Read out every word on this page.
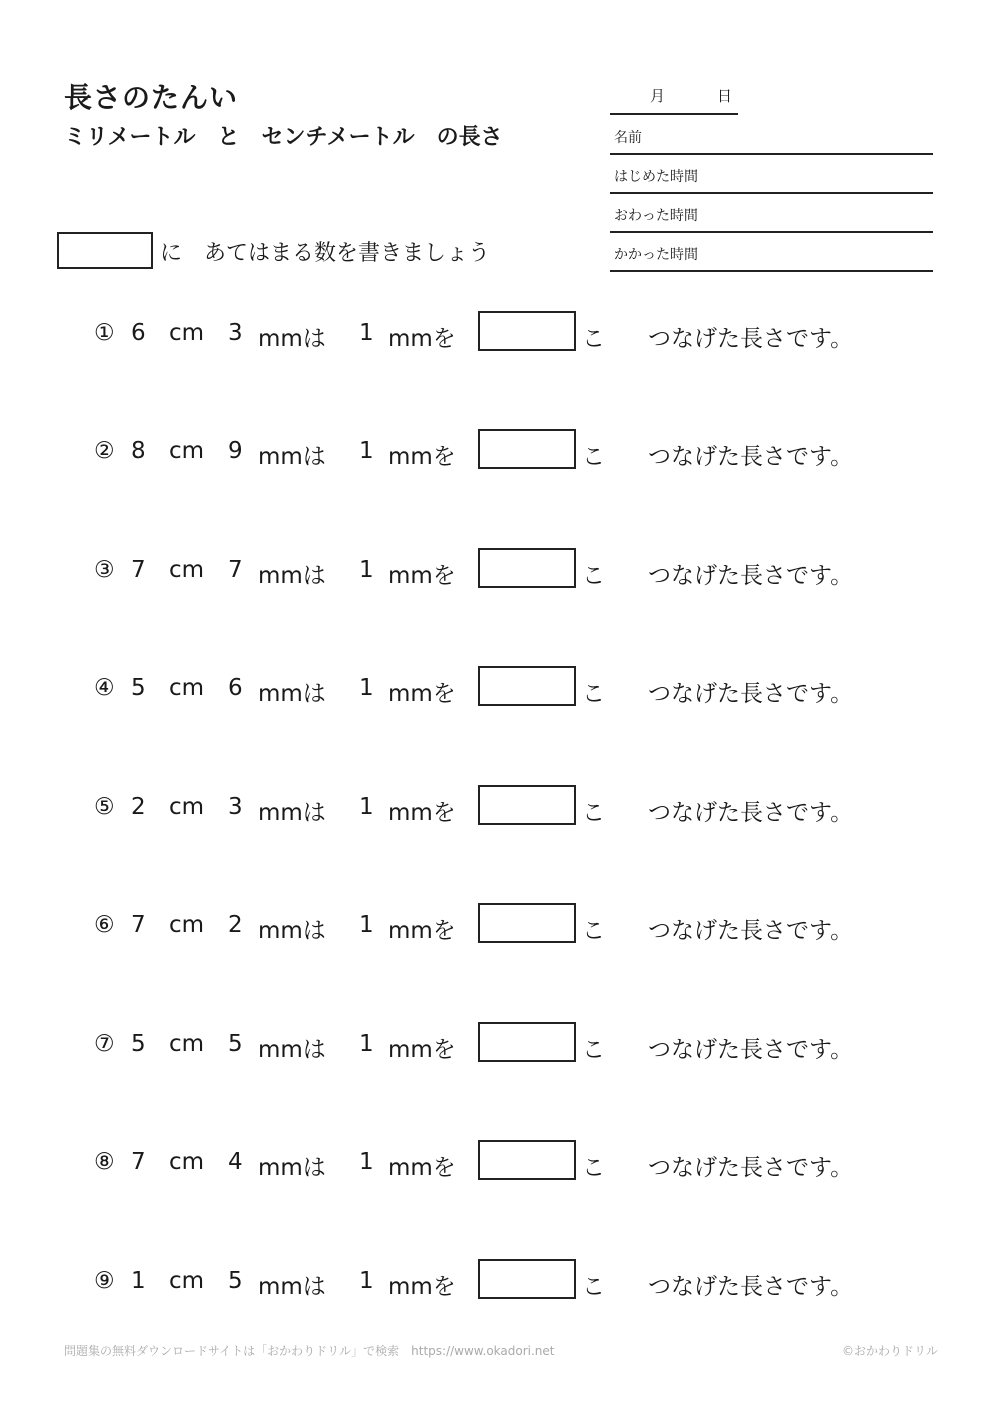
長さのたんい
ミリメートル　と　センチメートル　の長さ
月	日
名前
はじめた時間
おわった時間
かかった時間
に　あてはまる数を書きましょう
① 6 cm 3 mmは 1 mmを	こ つなげた長さです。
② 8 cm 9 mmは 1 mmを	こ つなげた長さです。
③ 7 cm 7 mmは 1 mmを	こ つなげた長さです。
④ 5 cm 6 mmは 1 mmを	こ つなげた長さです。
⑤ 2 cm 3 mmは 1 mmを	こ つなげた長さです。
⑥ 7 cm 2 mmは 1 mmを	こ つなげた長さです。
⑦ 5 cm 5 mmは 1 mmを	こ つなげた長さです。
⑧ 7 cm 4 mmは 1 mmを	こ つなげた長さです。
⑨ 1 cm 5 mmは 1 mmを	こ つなげた長さです。
問題集の無料ダウンロードサイトは「おかわりドリル」で検索　https://www.okadori.net	©おかわりドリル
